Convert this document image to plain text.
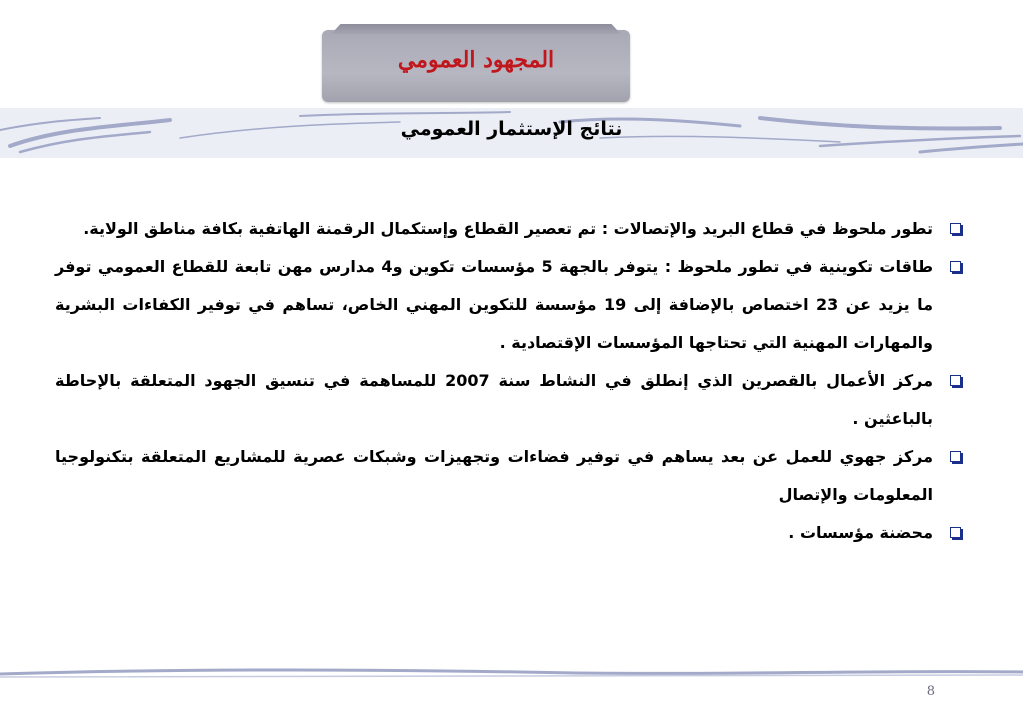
المجهود العمومي
نتائج الإستثمار العمومي

تطور ملحوظ في قطاع البريد والإتصالات : تم تعصير القطاع وإستكمال الرقمنة الهاتفية بكافة مناطق الولاية.

طاقات تكوينية في تطور ملحوظ : يتوفر بالجهة 5 مؤسسات تكوين و4 مدارس مهن تابعة للقطاع العمومي توفر ما يزيد عن 23 اختصاص بالإضافة إلى 19 مؤسسة للتكوين المهني الخاص، تساهم في توفير الكفاءات البشرية والمهارات المهنية التي تحتاجها المؤسسات الإقتصادية .

مركز الأعمال بالقصرين الذي إنطلق في النشاط سنة 2007 للمساهمة في تنسيق الجهود المتعلقة بالإحاطة بالباعثين .

مركز جهوي للعمل عن بعد يساهم في توفير فضاءات وتجهيزات وشبكات عصرية للمشاريع المتعلقة بتكنولوجيا المعلومات والإتصال

محضنة مؤسسات .

8
